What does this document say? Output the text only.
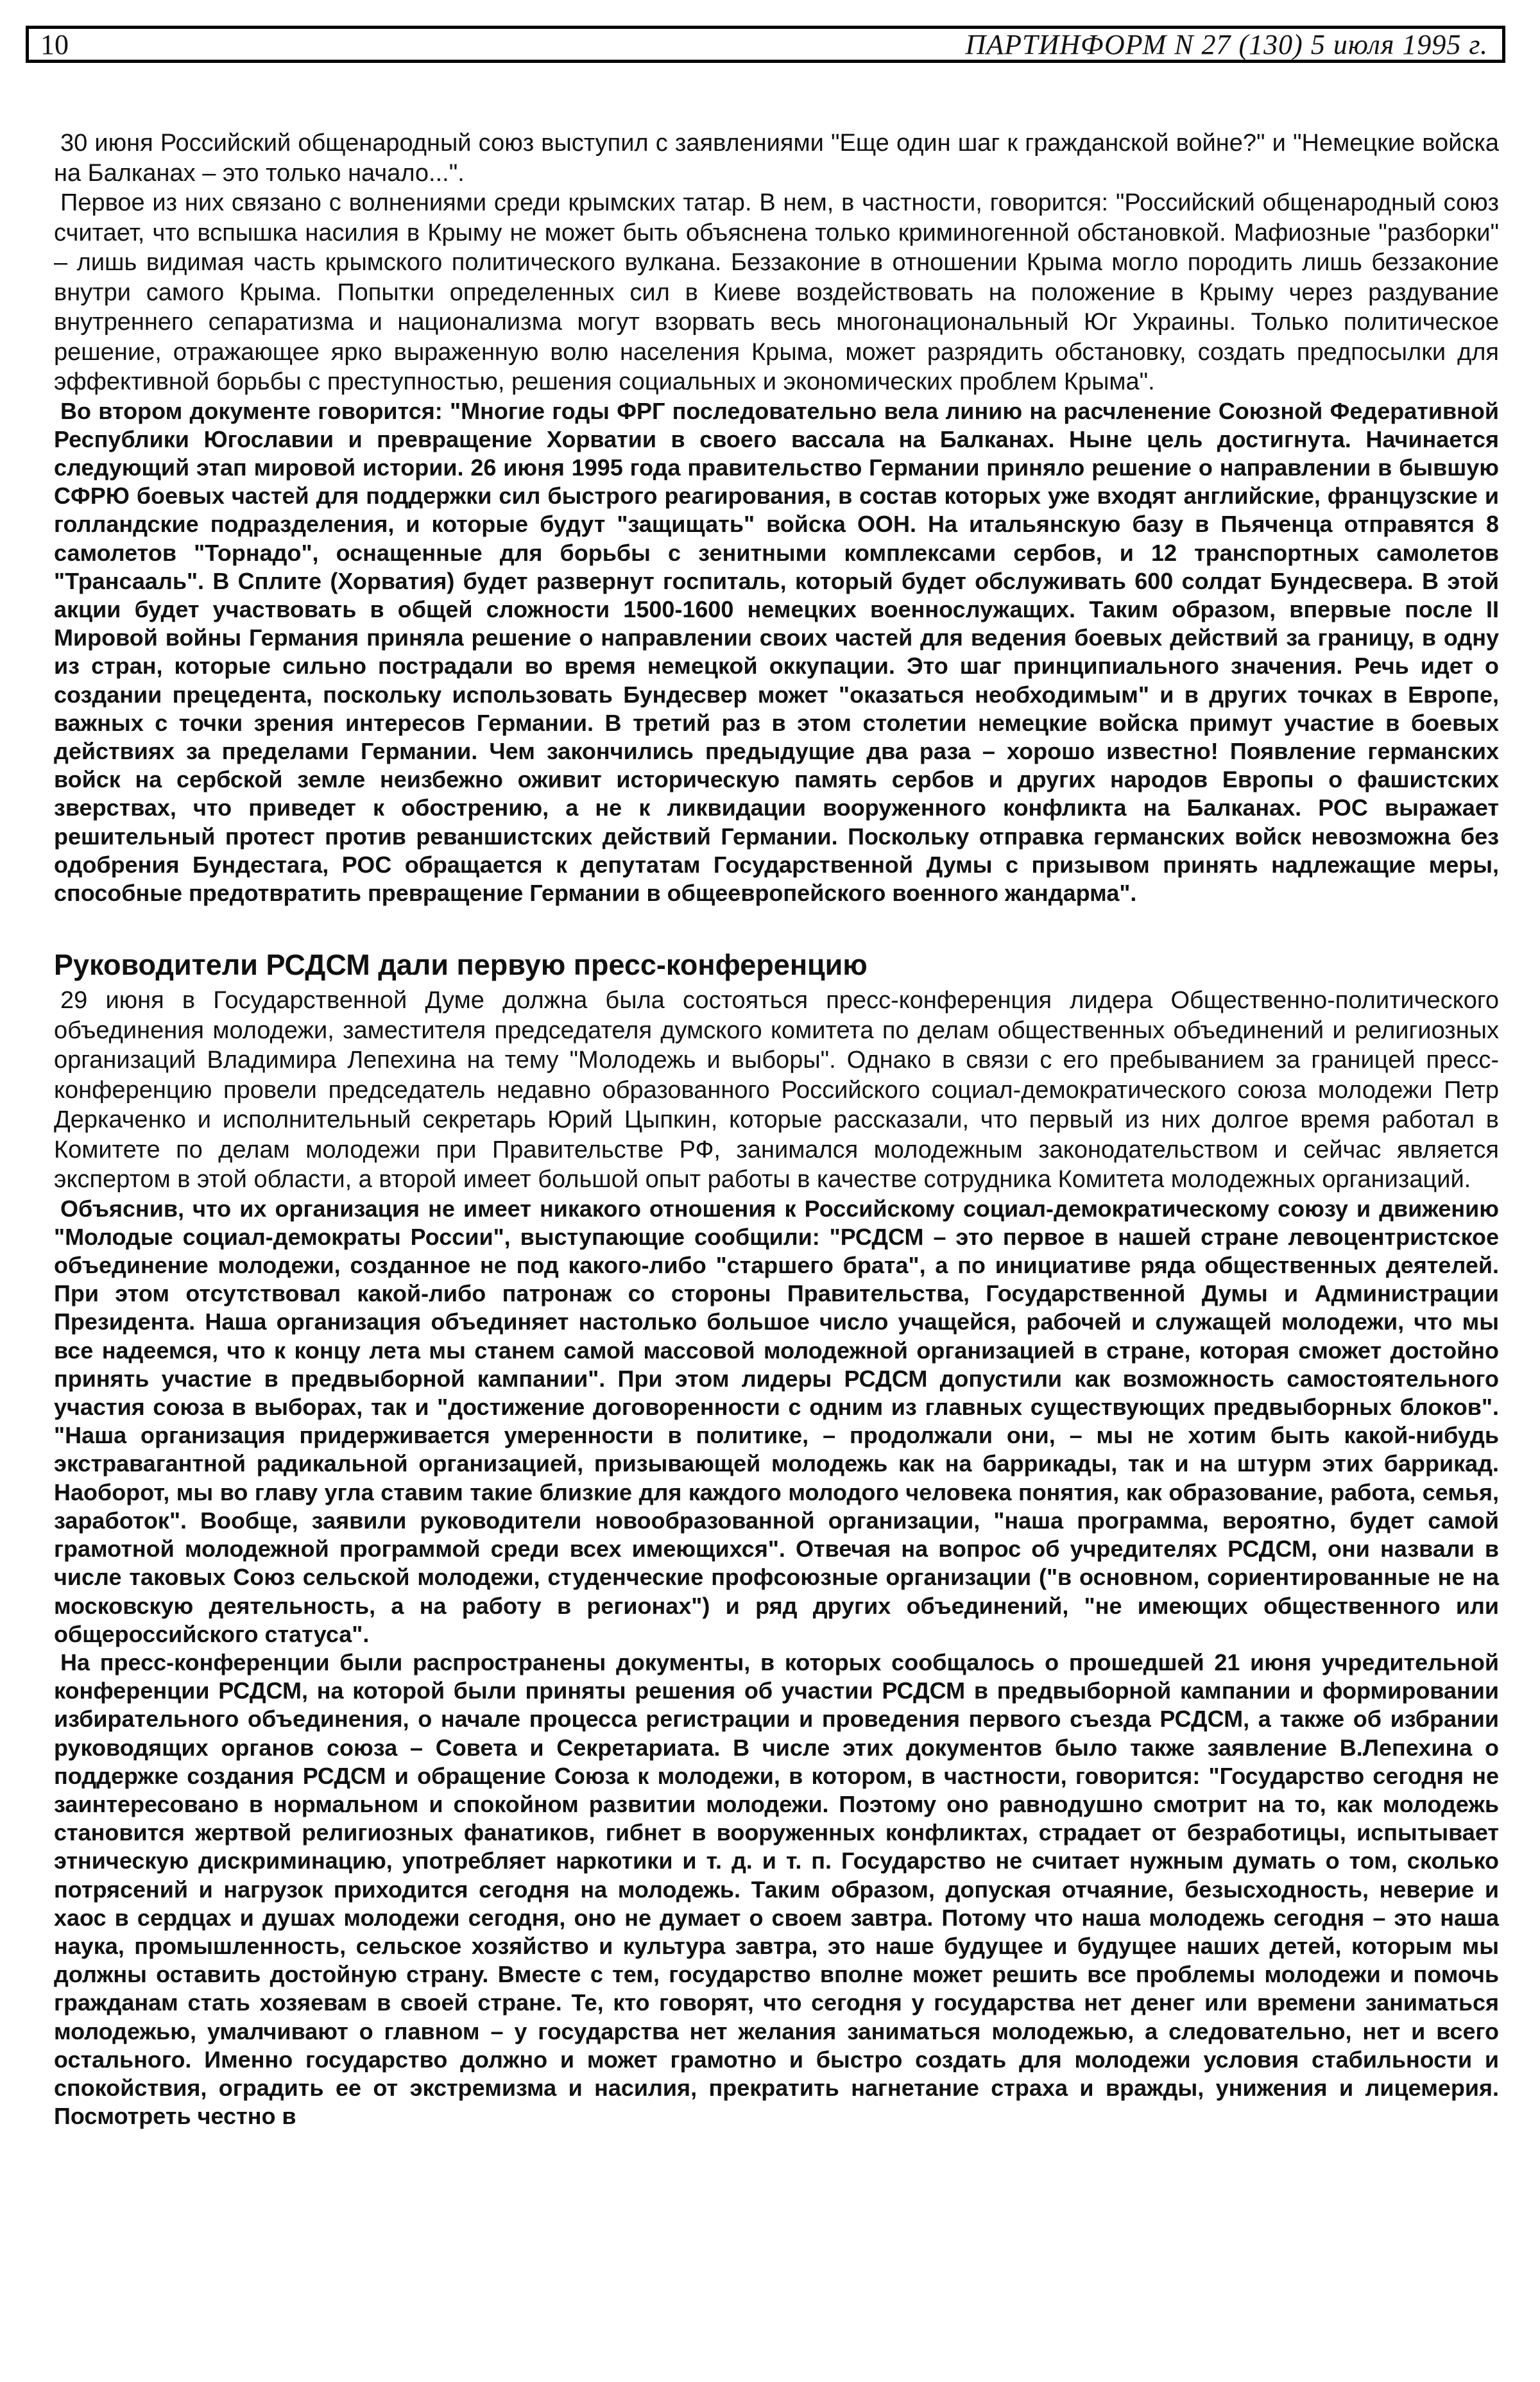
10	ПАРТИНФОРМ N 27 (130) 5 июля 1995 г.

30 июня Российский общенародный союз выступил с заявлениями "Еще один шаг к гражданской войне?" и "Немецкие войска на Балканах – это только начало...".

Первое из них связано с волнениями среди крымских татар. В нем, в частности, говорится: "Российский общенародный союз считает, что вспышка насилия в Крыму не может быть объяснена только криминогенной обстановкой. Мафиозные "разборки" – лишь видимая часть крымского политического вулкана. Беззаконие в отношении Крыма могло породить лишь беззаконие внутри самого Крыма. Попытки определенных сил в Киеве воздействовать на положение в Крыму через раздувание внутреннего сепаратизма и национализма могут взорвать весь многонациональный Юг Украины. Только политическое решение, отражающее ярко выраженную волю населения Крыма, может разрядить обстановку, создать предпосылки для эффективной борьбы с преступностью, решения социальных и экономических проблем Крыма".

Во втором документе говорится: "Многие годы ФРГ последовательно вела линию на расчленение Союзной Федеративной Республики Югославии и превращение Хорватии в своего вассала на Балканах. Ныне цель достигнута. Начинается следующий этап мировой истории. 26 июня 1995 года правительство Германии приняло решение о направлении в бывшую СФРЮ боевых частей для поддержки сил быстрого реагирования, в состав которых уже входят английские, французские и голландские подразделения, и которые будут "защищать" войска ООН. На итальянскую базу в Пьяченца отправятся 8 самолетов "Торнадо", оснащенные для борьбы с зенитными комплексами сербов, и 12 транспортных самолетов "Трансааль". В Сплите (Хорватия) будет развернут госпиталь, который будет обслуживать 600 солдат Бундесвера. В этой акции будет участвовать в общей сложности 1500-1600 немецких военнослужащих. Таким образом, впервые после II Мировой войны Германия приняла решение о направлении своих частей для ведения боевых действий за границу, в одну из стран, которые сильно пострадали во время немецкой оккупации. Это шаг принципиального значения. Речь идет о создании прецедента, поскольку использовать Бундесвер может "оказаться необходимым" и в других точках в Европе, важных с точки зрения интересов Германии. В третий раз в этом столетии немецкие войска примут участие в боевых действиях за пределами Германии. Чем закончились предыдущие два раза – хорошо известно! Появление германских войск на сербской земле неизбежно оживит историческую память сербов и других народов Европы о фашистских зверствах, что приведет к обострению, а не к ликвидации вооруженного конфликта на Балканах. РОС выражает решительный протест против реваншистских действий Германии. Поскольку отправка германских войск невозможна без одобрения Бундестага, РОС обращается к депутатам Государственной Думы с призывом принять надлежащие меры, способные предотвратить превращение Германии в общеевропейского военного жандарма".

Руководители РСДСМ дали первую пресс-конференцию

29 июня в Государственной Думе должна была состояться пресс-конференция лидера Общественно-политического объединения молодежи, заместителя председателя думского комитета по делам общественных объединений и религиозных организаций Владимира Лепехина на тему "Молодежь и выборы". Однако в связи с его пребыванием за границей пресс-конференцию провели председатель недавно образованного Российского социал-демократического союза молодежи Петр Деркаченко и исполнительный секретарь Юрий Цыпкин, которые рассказали, что первый из них долгое время работал в Комитете по делам молодежи при Правительстве РФ, занимался молодежным законодательством и сейчас является экспертом в этой области, а второй имеет большой опыт работы в качестве сотрудника Комитета молодежных организаций.

Объяснив, что их организация не имеет никакого отношения к Российскому социал-демократическому союзу и движению "Молодые социал-демократы России", выступающие сообщили: "РСДСМ – это первое в нашей стране левоцентристское объединение молодежи, созданное не под какого-либо "старшего брата", а по инициативе ряда общественных деятелей. При этом отсутствовал какой-либо патронаж со стороны Правительства, Государственной Думы и Администрации Президента. Наша организация объединяет настолько большое число учащейся, рабочей и служащей молодежи, что мы все надеемся, что к концу лета мы станем самой массовой молодежной организацией в стране, которая сможет достойно принять участие в предвыборной кампании". При этом лидеры РСДСМ допустили как возможность самостоятельного участия союза в выборах, так и "достижение договоренности с одним из главных существующих предвыборных блоков". "Наша организация придерживается умеренности в политике, – продолжали они, – мы не хотим быть какой-нибудь экстравагантной радикальной организацией, призывающей молодежь как на баррикады, так и на штурм этих баррикад. Наоборот, мы во главу угла ставим такие близкие для каждого молодого человека понятия, как образование, работа, семья, заработок". Вообще, заявили руководители новообразованной организации, "наша программа, вероятно, будет самой грамотной молодежной программой среди всех имеющихся". Отвечая на вопрос об учредителях РСДСМ, они назвали в числе таковых Союз сельской молодежи, студенческие профсоюзные организации ("в основном, сориентированные не на московскую деятельность, а на работу в регионах") и ряд других объединений, "не имеющих общественного или общероссийского статуса".

На пресс-конференции были распространены документы, в которых сообщалось о прошедшей 21 июня учредительной конференции РСДСМ, на которой были приняты решения об участии РСДСМ в предвыборной кампании и формировании избирательного объединения, о начале процесса регистрации и проведения первого съезда РСДСМ, а также об избрании руководящих органов союза – Совета и Секретариата. В числе этих документов было также заявление В.Лепехина о поддержке создания РСДСМ и обращение Союза к молодежи, в котором, в частности, говорится: "Государство сегодня не заинтересовано в нормальном и спокойном развитии молодежи. Поэтому оно равнодушно смотрит на то, как молодежь становится жертвой религиозных фанатиков, гибнет в вооруженных конфликтах, страдает от безработицы, испытывает этническую дискриминацию, употребляет наркотики и т. д. и т. п. Государство не считает нужным думать о том, сколько потрясений и нагрузок приходится сегодня на молодежь. Таким образом, допуская отчаяние, безысходность, неверие и хаос в сердцах и душах молодежи сегодня, оно не думает о своем завтра. Потому что наша молодежь сегодня – это наша наука, промышленность, сельское хозяйство и культура завтра, это наше будущее и будущее наших детей, которым мы должны оставить достойную страну. Вместе с тем, государство вполне может решить все проблемы молодежи и помочь гражданам стать хозяевам в своей стране. Те, кто говорят, что сегодня у государства нет денег или времени заниматься молодежью, умалчивают о главном – у государства нет желания заниматься молодежью, а следовательно, нет и всего остального. Именно государство должно и может грамотно и быстро создать для молодежи условия стабильности и спокойствия, оградить ее от экстремизма и насилия, прекратить нагнетание страха и вражды, унижения и лицемерия. Посмотреть честно в
